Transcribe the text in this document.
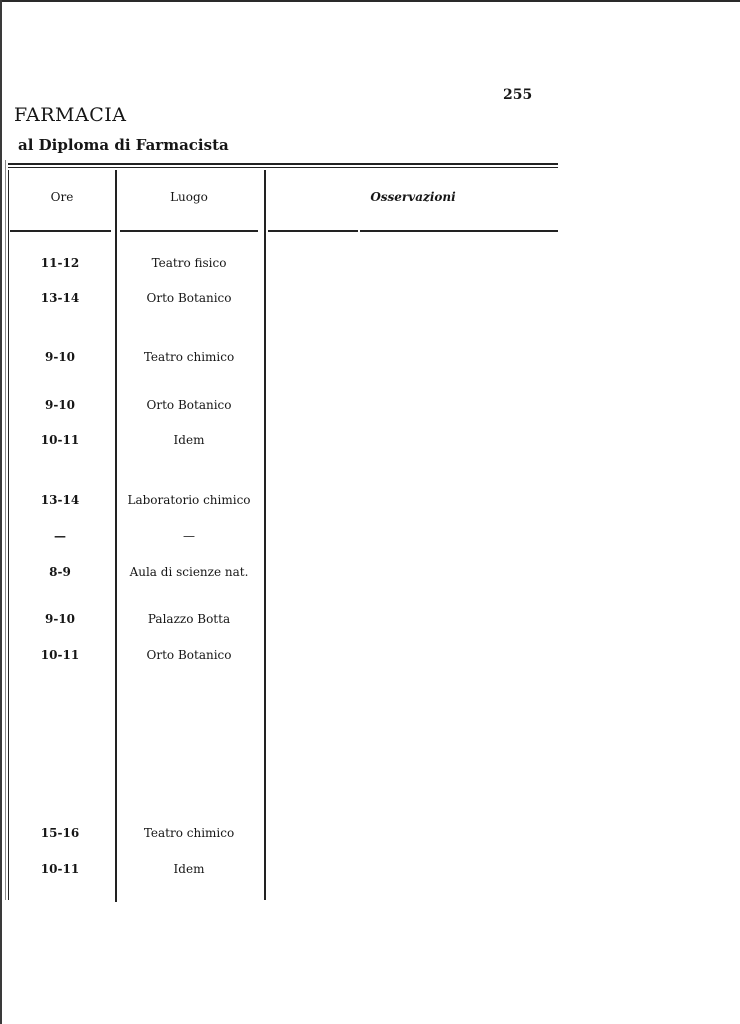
255
FARMACIA
al Diploma di Farmacista
Ore	Luogo	Osservazioni
11-12	Teatro fisico
13-14	Orto Botanico
9-10	Teatro chimico
9-10	Orto Botanico
10-11	Idem
13-14	Laboratorio chimico
—	—
8-9	Aula di scienze nat.
9-10	Palazzo Botta
10-11	Orto Botanico
15-16	Teatro chimico
10-11	Idem
